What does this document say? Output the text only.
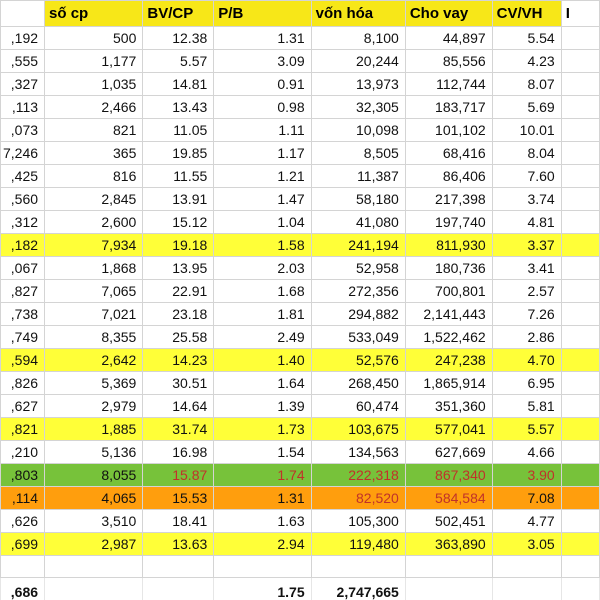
	số cp	BV/CP	P/B	vốn hóa	Cho vay	CV/VH	I
,192	500	12.38	1.31	8,100	44,897	5.54	
,555	1,177	5.57	3.09	20,244	85,556	4.23	
,327	1,035	14.81	0.91	13,973	112,744	8.07	
,113	2,466	13.43	0.98	32,305	183,717	5.69	
,073	821	11.05	1.11	10,098	101,102	10.01	
7,246	365	19.85	1.17	8,505	68,416	8.04	
,425	816	11.55	1.21	11,387	86,406	7.60	
,560	2,845	13.91	1.47	58,180	217,398	3.74	
,312	2,600	15.12	1.04	41,080	197,740	4.81	
,182	7,934	19.18	1.58	241,194	811,930	3.37	
,067	1,868	13.95	2.03	52,958	180,736	3.41	
,827	7,065	22.91	1.68	272,356	700,801	2.57	
,738	7,021	23.18	1.81	294,882	2,141,443	7.26	
,749	8,355	25.58	2.49	533,049	1,522,462	2.86	
,594	2,642	14.23	1.40	52,576	247,238	4.70	
,826	5,369	30.51	1.64	268,450	1,865,914	6.95	
,627	2,979	14.64	1.39	60,474	351,360	5.81	
,821	1,885	31.74	1.73	103,675	577,041	5.57	
,210	5,136	16.98	1.54	134,563	627,669	4.66	
,803	8,055	15.87	1.74	222,318	867,340	3.90	
,114	4,065	15.53	1.31	82,520	584,584	7.08	
,626	3,510	18.41	1.63	105,300	502,451	4.77	
,699	2,987	13.63	2.94	119,480	363,890	3.05	

,686			1.75	2,747,665			
